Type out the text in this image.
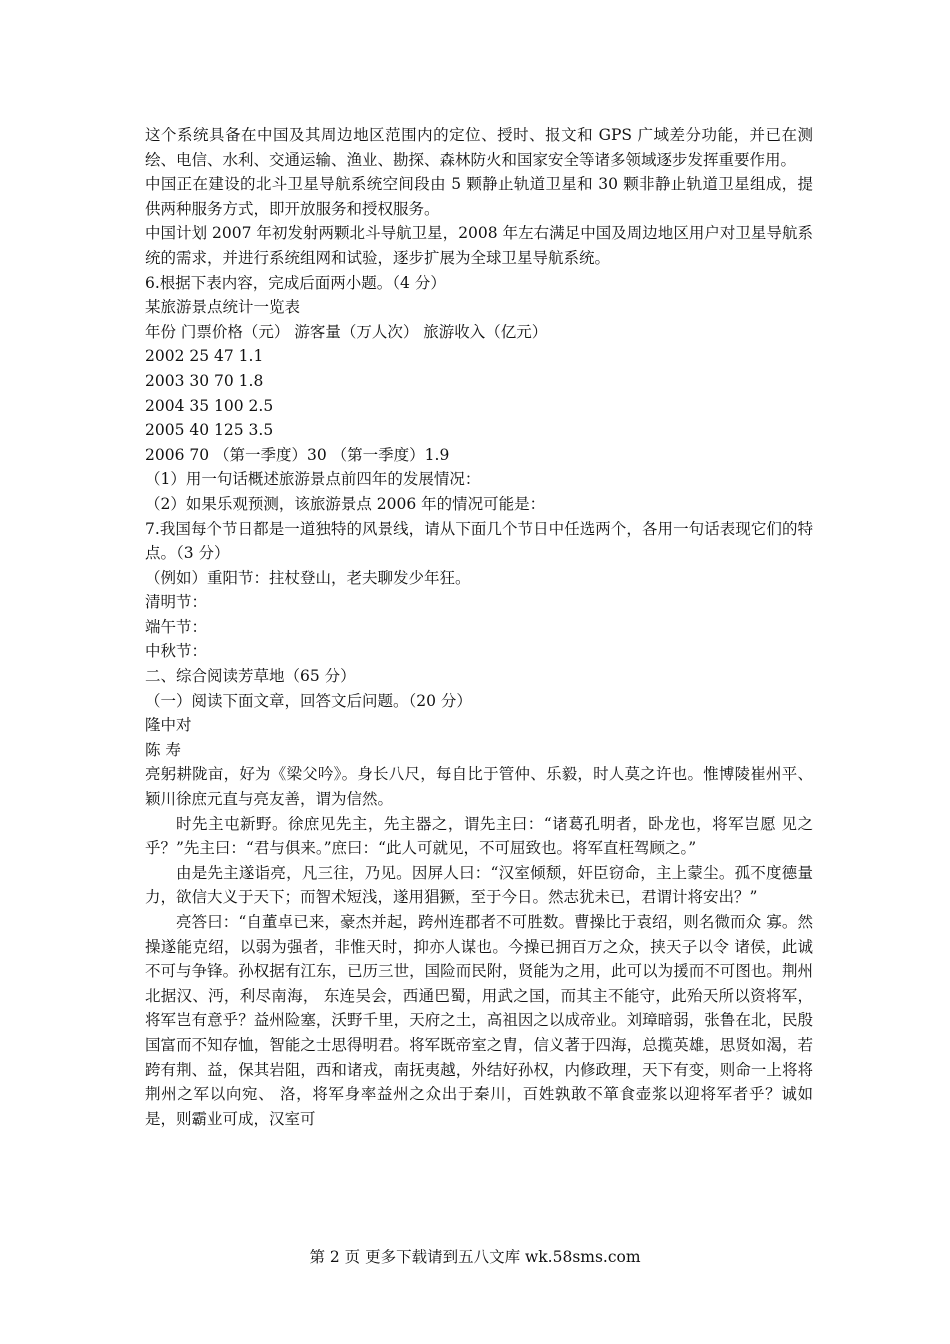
这个系统具备在中国及其周边地区范围内的定位、授时、报文和 GPS 广域差分功能，并已在测绘、电信、水利、交通运输、渔业、勘探、森林防火和国家安全等诸多领域逐步发挥重要作用。

中国正在建设的北斗卫星导航系统空间段由 5 颗静止轨道卫星和 30 颗非静止轨道卫星组成，提供两种服务方式，即开放服务和授权服务。

中国计划 2007 年初发射两颗北斗导航卫星，2008 年左右满足中国及周边地区用户对卫星导航系统的需求，并进行系统组网和试验，逐步扩展为全球卫星导航系统。

6.根据下表内容，完成后面两小题。（4 分）

某旅游景点统计一览表

年份 门票价格（元） 游客量（万人次） 旅游收入（亿元）

2002 25 47 1.1

2003 30 70 1.8

2004 35 100 2.5

2005 40 125 3.5

2006 70 （第一季度）30 （第一季度）1.9

（1）用一句话概述旅游景点前四年的发展情况：

（2）如果乐观预测，该旅游景点 2006 年的情况可能是：

7.我国每个节日都是一道独特的风景线，请从下面几个节日中任选两个，各用一句话表现它们的特点。（3 分）

（例如）重阳节：拄杖登山，老夫聊发少年狂。

清明节：

端午节：

中秋节：

二、综合阅读芳草地（65 分）

（一）阅读下面文章，回答文后问题。（20 分）

隆中对

陈 寿

亮躬耕陇亩，好为《梁父吟》。身长八尺，每自比于管仲、乐毅，时人莫之许也。惟博陵崔州平、颖川徐庶元直与亮友善，谓为信然。

时先主屯新野。徐庶见先主，先主器之，谓先主曰：“诸葛孔明者，卧龙也，将军岂愿 见之乎？”先主曰：“君与俱来。”庶曰：“此人可就见，不可屈致也。将军直枉驾顾之。”

由是先主遂诣亮，凡三往，乃见。因屏人曰：“汉室倾颓，奸臣窃命，主上蒙尘。孤不度德量力，欲信大义于天下；而智术短浅，遂用猖獗，至于今日。然志犹未已，君谓计将安出？”

亮答曰：“自董卓已来，豪杰并起，跨州连郡者不可胜数。曹操比于袁绍，则名微而众 寡。然操遂能克绍，以弱为强者，非惟天时，抑亦人谋也。今操已拥百万之众，挟天子以令 诸侯，此诚不可与争锋。孙权据有江东，已历三世，国险而民附，贤能为之用，此可以为援而不可图也。荆州北据汉、沔，利尽南海， 东连吴会，西通巴蜀，用武之国，而其主不能守，此殆天所以资将军，将军岂有意乎？益州险塞，沃野千里，天府之土，高祖因之以成帝业。刘璋暗弱，张鲁在北，民殷国富而不知存恤，智能之士思得明君。将军既帝室之胄，信义著于四海，总揽英雄，思贤如渴，若跨有荆、益，保其岩阻，西和诸戎，南抚夷越，外结好孙权，内修政理，天下有变，则命一上将将荆州之军以向宛、 洛，将军身率益州之众出于秦川，百姓孰敢不箪食壶浆以迎将军者乎？诚如是，则霸业可成，汉室可

第 2 页 更多下载请到五八文库 wk.58sms.com
